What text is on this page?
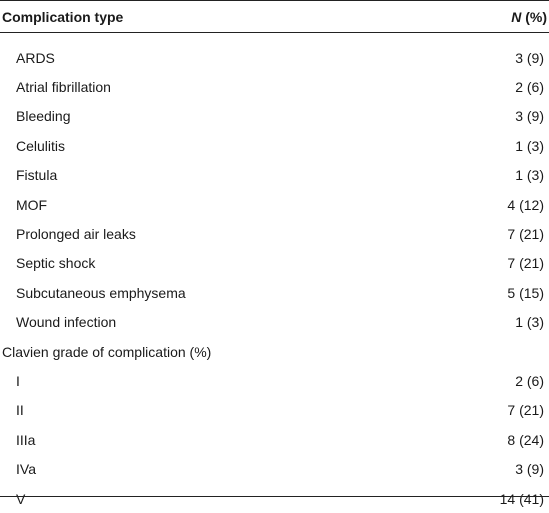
Complication type	N (%)
ARDS	3 (9)
Atrial fibrillation	2 (6)
Bleeding	3 (9)
Celulitis	1 (3)
Fistula	1 (3)
MOF	4 (12)
Prolonged air leaks	7 (21)
Septic shock	7 (21)
Subcutaneous emphysema	5 (15)
Wound infection	1 (3)
Clavien grade of complication (%)
I	2 (6)
II	7 (21)
IIIa	8 (24)
IVa	3 (9)
V	14 (41)
